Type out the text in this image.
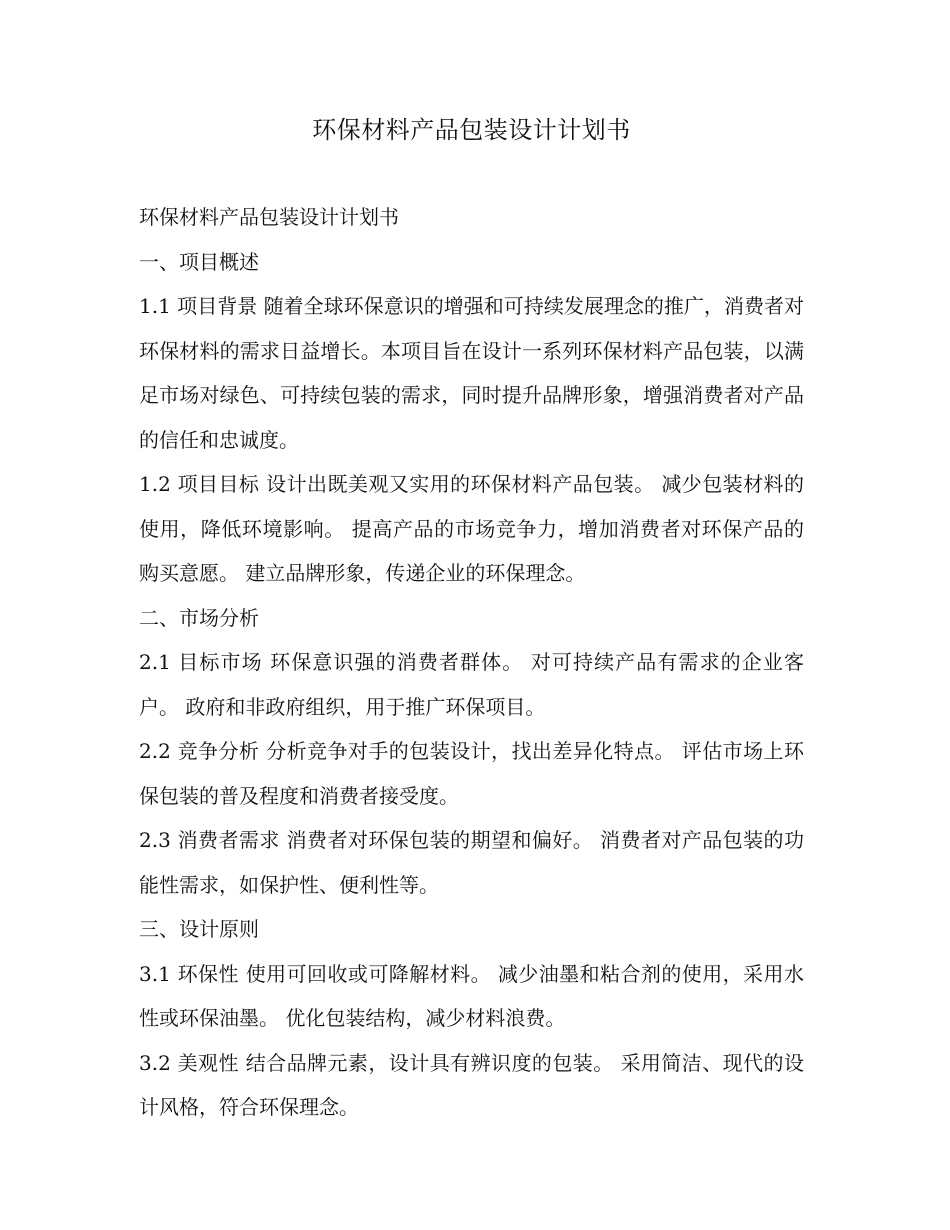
环保材料产品包装设计计划书

环保材料产品包装设计计划书

一、项目概述

1.1 项目背景 随着全球环保意识的增强和可持续发展理念的推广，消费者对环保材料的需求日益增长。本项目旨在设计一系列环保材料产品包装，以满足市场对绿色、可持续包装的需求，同时提升品牌形象，增强消费者对产品的信任和忠诚度。

1.2 项目目标 设计出既美观又实用的环保材料产品包装。 减少包装材料的使用，降低环境影响。 提高产品的市场竞争力，增加消费者对环保产品的购买意愿。 建立品牌形象，传递企业的环保理念。

二、市场分析

2.1 目标市场 环保意识强的消费者群体。 对可持续产品有需求的企业客户。 政府和非政府组织，用于推广环保项目。

2.2 竞争分析 分析竞争对手的包装设计，找出差异化特点。 评估市场上环保包装的普及程度和消费者接受度。

2.3 消费者需求 消费者对环保包装的期望和偏好。 消费者对产品包装的功能性需求，如保护性、便利性等。

三、设计原则

3.1 环保性 使用可回收或可降解材料。 减少油墨和粘合剂的使用，采用水性或环保油墨。 优化包装结构，减少材料浪费。

3.2 美观性 结合品牌元素，设计具有辨识度的包装。 采用简洁、现代的设计风格，符合环保理念。
